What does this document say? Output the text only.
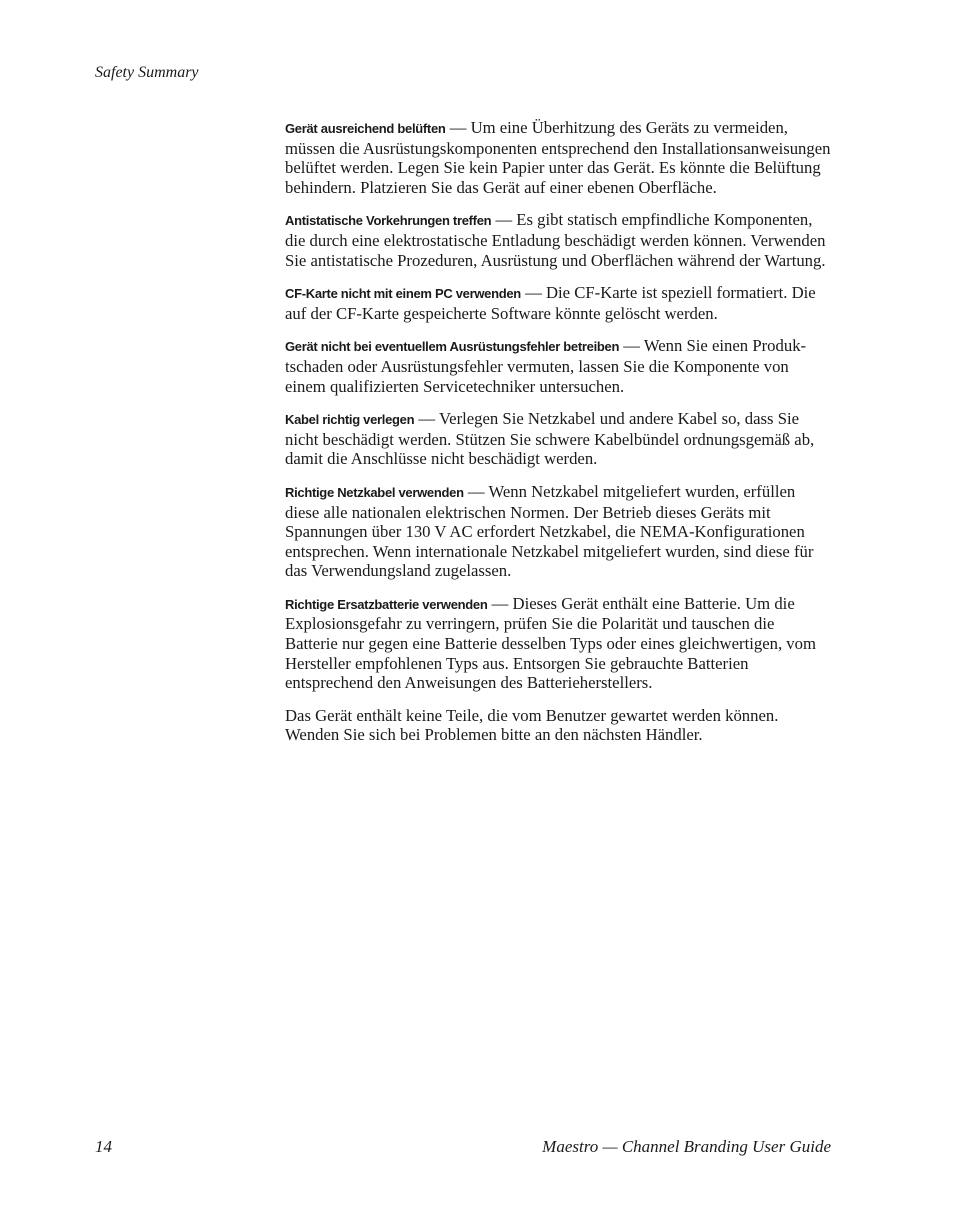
Safety Summary

Gerät ausreichend belüften — Um eine Überhitzung des Geräts zu vermeiden, müssen die Ausrüstungskomponenten entsprechend den Installationsanweisungen belüftet werden. Legen Sie kein Papier unter das Gerät. Es könnte die Belüftung behindern. Platzieren Sie das Gerät auf einer ebenen Oberfläche.

Antistatische Vorkehrungen treffen — Es gibt statisch empfindliche Komponenten, die durch eine elektrostatische Entladung beschädigt werden können. Verwenden Sie antistatische Prozeduren, Ausrüstung und Oberflächen während der Wartung.

CF-Karte nicht mit einem PC verwenden — Die CF-Karte ist speziell formatiert. Die auf der CF-Karte gespeicherte Software könnte gelöscht werden.

Gerät nicht bei eventuellem Ausrüstungsfehler betreiben — Wenn Sie einen Produktschaden oder Ausrüstungsfehler vermuten, lassen Sie die Komponente von einem qualifizierten Servicetechniker untersuchen.

Kabel richtig verlegen — Verlegen Sie Netzkabel und andere Kabel so, dass Sie nicht beschädigt werden. Stützen Sie schwere Kabelbündel ordnungsgemäß ab, damit die Anschlüsse nicht beschädigt werden.

Richtige Netzkabel verwenden — Wenn Netzkabel mitgeliefert wurden, erfüllen diese alle nationalen elektrischen Normen. Der Betrieb dieses Geräts mit Spannungen über 130 V AC erfordert Netzkabel, die NEMA-Konfigurationen entsprechen. Wenn internationale Netzkabel mitgeliefert wurden, sind diese für das Verwendungsland zugelassen.

Richtige Ersatzbatterie verwenden — Dieses Gerät enthält eine Batterie. Um die Explosionsgefahr zu verringern, prüfen Sie die Polarität und tauschen die Batterie nur gegen eine Batterie desselben Typs oder eines gleichwertigen, vom Hersteller empfohlenen Typs aus. Entsorgen Sie gebrauchte Batterien entsprechend den Anweisungen des Batterieherstellers.

Das Gerät enthält keine Teile, die vom Benutzer gewartet werden können. Wenden Sie sich bei Problemen bitte an den nächsten Händler.

14	Maestro — Channel Branding User Guide
